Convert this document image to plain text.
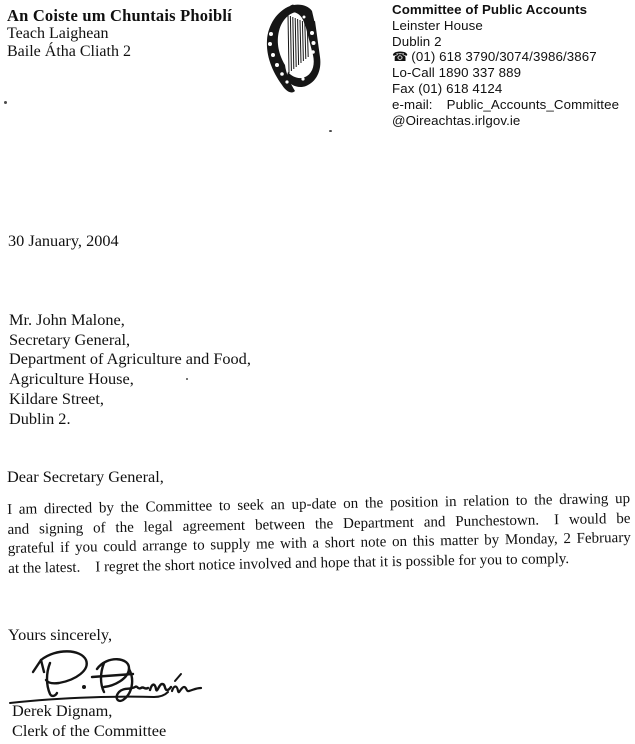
An Coiste um Chuntais Phoiblí
Teach Laighean
Baile Átha Cliath 2
Committee of Public Accounts
Leinster House
Dublin 2
☎ (01) 618 3790/3074/3986/3867
Lo-Call 1890 337 889
Fax (01) 618 4124
e-mail: Public_Accounts_Committee
@Oireachtas.irlgov.ie
30 January, 2004
Mr. John Malone,
Secretary General,
Department of Agriculture and Food,
Agriculture House,
Kildare Street,
Dublin 2.
Dear Secretary General,
I am directed by the Committee to seek an up-date on the position in relation to the drawing up
and signing of the legal agreement between the Department and Punchestown. I would be
grateful if you could arrange to supply me with a short note on this matter by Monday, 2 February
at the latest. I regret the short notice involved and hope that it is possible for you to comply.
Yours sincerely,
Derek Dignam,
Clerk of the Committee
